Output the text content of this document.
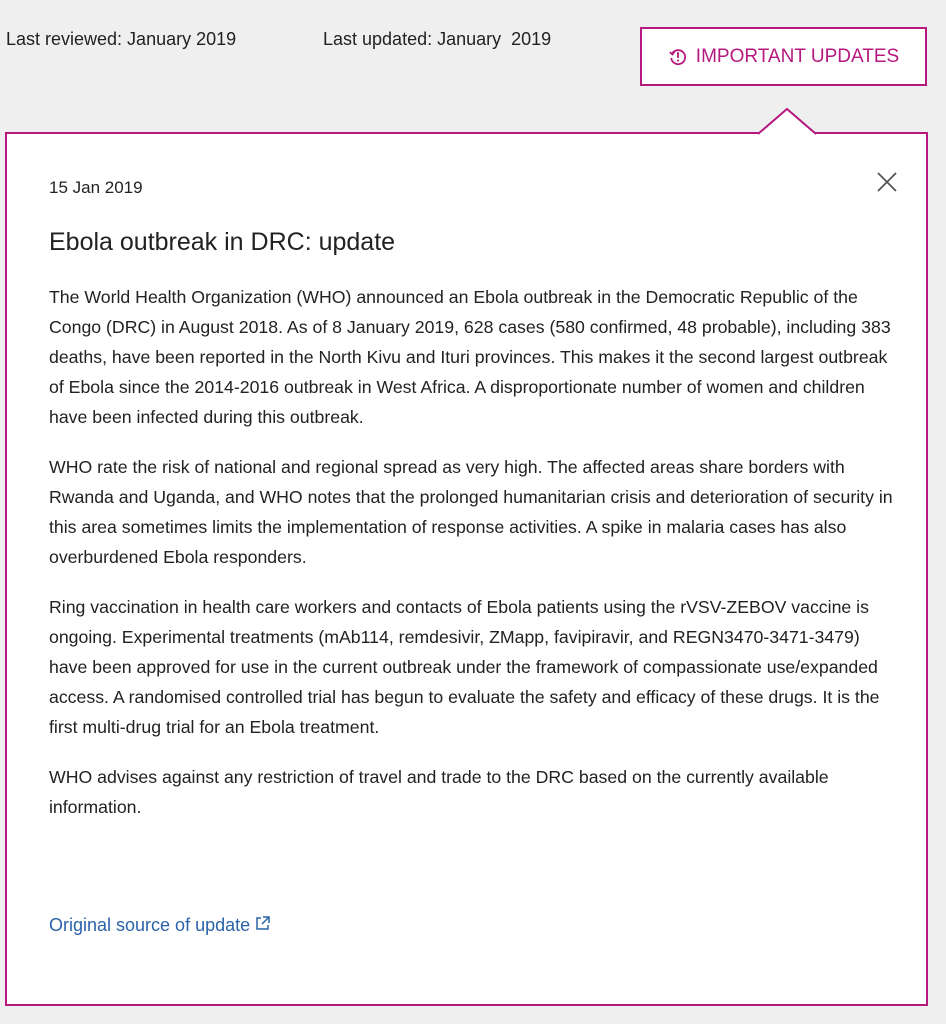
Last reviewed: January 2019	Last updated: January  2019
IMPORTANT UPDATES
15 Jan 2019
Ebola outbreak in DRC: update

The World Health Organization (WHO) announced an Ebola outbreak in the Democratic Republic of the Congo (DRC) in August 2018. As of 8 January 2019, 628 cases (580 confirmed, 48 probable), including 383 deaths, have been reported in the North Kivu and Ituri provinces. This makes it the second largest outbreak of Ebola since the 2014-2016 outbreak in West Africa. A disproportionate number of women and children have been infected during this outbreak.

WHO rate the risk of national and regional spread as very high. The affected areas share borders with Rwanda and Uganda, and WHO notes that the prolonged humanitarian crisis and deterioration of security in this area sometimes limits the implementation of response activities. A spike in malaria cases has also overburdened Ebola responders.

Ring vaccination in health care workers and contacts of Ebola patients using the rVSV-ZEBOV vaccine is ongoing. Experimental treatments (mAb114, remdesivir, ZMapp, favipiravir, and REGN3470-3471-3479) have been approved for use in the current outbreak under the framework of compassionate use/expanded access. A randomised controlled trial has begun to evaluate the safety and efficacy of these drugs. It is the first multi-drug trial for an Ebola treatment.

WHO advises against any restriction of travel and trade to the DRC based on the currently available information.

Original source of update
